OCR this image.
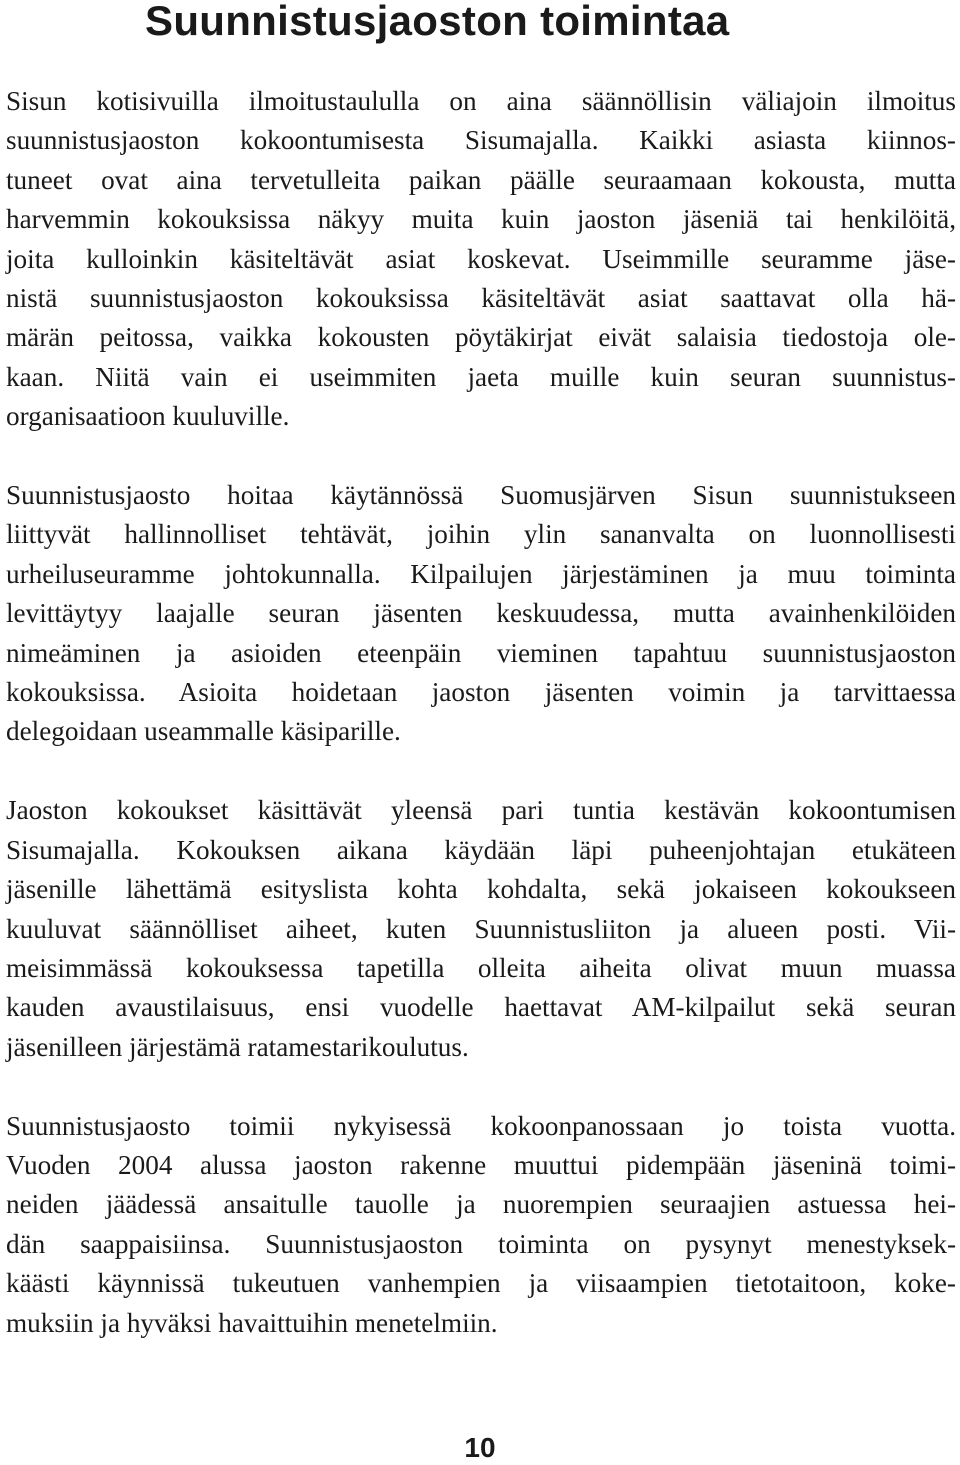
Suunnistusjaoston toimintaa
Sisun kotisivuilla ilmoitustaululla on aina säännöllisin väliajoin ilmoitus
suunnistusjaoston kokoontumisesta Sisumajalla. Kaikki asiasta kiinnos-
tuneet ovat aina tervetulleita paikan päälle seuraamaan kokousta, mutta
harvemmin kokouksissa näkyy muita kuin jaoston jäseniä tai henkilöitä,
joita kulloinkin käsiteltävät asiat koskevat. Useimmille seuramme jäse-
nistä suunnistusjaoston kokouksissa käsiteltävät asiat saattavat olla hä-
märän peitossa, vaikka kokousten pöytäkirjat eivät salaisia tiedostoja ole-
kaan. Niitä vain ei useimmiten jaeta muille kuin seuran suunnistus-
organisaatioon kuuluville.
Suunnistusjaosto hoitaa käytännössä Suomusjärven Sisun suunnistukseen
liittyvät hallinnolliset tehtävät, joihin ylin sananvalta on luonnollisesti
urheiluseuramme johtokunnalla. Kilpailujen järjestäminen ja muu toiminta
levittäytyy laajalle seuran jäsenten keskuudessa, mutta avainhenkilöiden
nimeäminen ja asioiden eteenpäin vieminen tapahtuu suunnistusjaoston
kokouksissa. Asioita hoidetaan jaoston jäsenten voimin ja tarvittaessa
delegoidaan useammalle käsiparille.
Jaoston kokoukset käsittävät yleensä pari tuntia kestävän kokoontumisen
Sisumajalla. Kokouksen aikana käydään läpi puheenjohtajan etukäteen
jäsenille lähettämä esityslista kohta kohdalta, sekä jokaiseen kokoukseen
kuuluvat säännölliset aiheet, kuten Suunnistusliiton ja alueen posti. Vii-
meisimmässä kokouksessa tapetilla olleita aiheita olivat muun muassa
kauden avaustilaisuus, ensi vuodelle haettavat AM-kilpailut sekä seuran
jäsenilleen järjestämä ratamestarikoulutus.
Suunnistusjaosto toimii nykyisessä kokoonpanossaan jo toista vuotta.
Vuoden 2004 alussa jaoston rakenne muuttui pidempään jäseninä toimi-
neiden jäädessä ansaitulle tauolle ja nuorempien seuraajien astuessa hei-
dän saappaisiinsa. Suunnistusjaoston toiminta on pysynyt menestyksek-
käästi käynnissä tukeutuen vanhempien ja viisaampien tietotaitoon, koke-
muksiin ja hyväksi havaittuihin menetelmiin.
10
